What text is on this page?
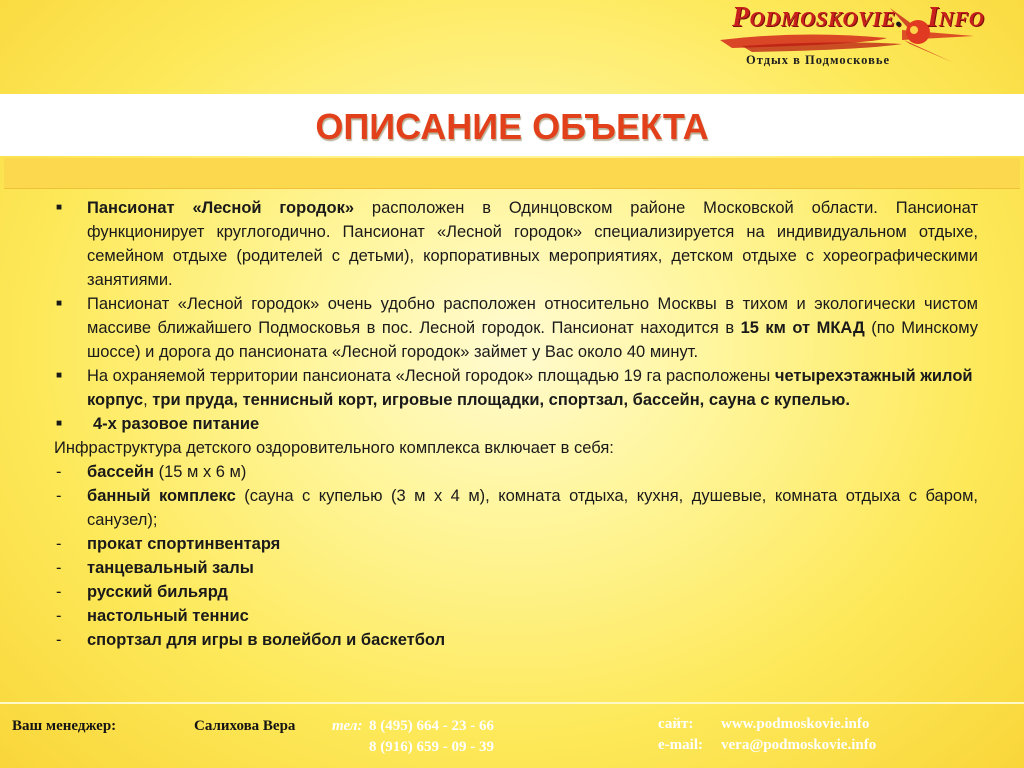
PODMOSKOVIE. INFO
Отдых в Подмосковье
ОПИСАНИЕ ОБЪЕКТА
■ Пансионат «Лесной городок» расположен в Одинцовском районе Московской области. Пансионат функционирует круглогодично. Пансионат «Лесной городок» специализируется на индивидуальном отдыхе, семейном отдыхе (родителей с детьми), корпоративных мероприятиях, детском отдыхе с хореографическими занятиями.
■ Пансионат «Лесной городок» очень удобно расположен относительно Москвы в тихом и экологически чистом массиве ближайшего Подмосковья в пос. Лесной городок. Пансионат находится в 15 км от МКАД (по Минскому шоссе) и дорога до пансионата «Лесной городок» займет у Вас около 40 минут.
■ На охраняемой территории пансионата «Лесной городок» площадью 19 га расположены четырехэтажный жилой корпус, три пруда, теннисный корт, игровые площадки, спортзал, бассейн, сауна с купелью.
■ 4-х разовое питание
Инфраструктура детского оздоровительного комплекса включает в себя:
- бассейн (15 м х 6 м)
- банный комплекс (сауна с купелью (3 м х 4 м), комната отдыха, кухня, душевые, комната отдыха с баром, санузел);
- прокат спортинвентаря
- танцевальный залы
- русский бильярд
- настольный теннис
- спортзал для игры в волейбол и баскетбол
Ваш менеджер:	Салихова Вера тел: 8 (495) 664 - 23 - 66
8 (916) 659 - 09 - 39
сайт: www.podmoskovie.info
e-mail: vera@podmoskovie.info
